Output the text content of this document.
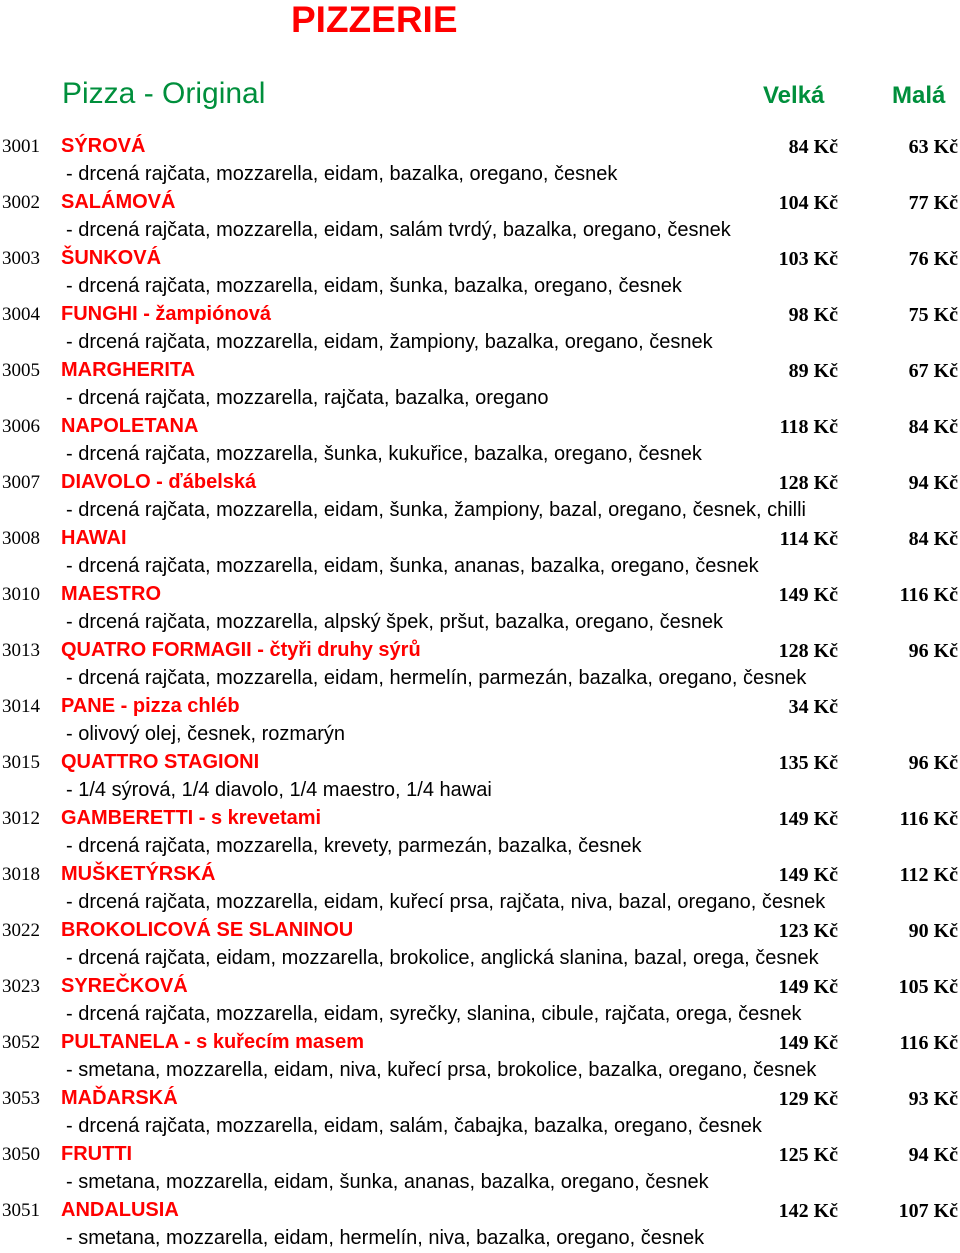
PIZZERIE
Pizza - Original	Velká	Malá
3001 SÝROVÁ	84 Kč	63 Kč
- drcená rajčata, mozzarella, eidam, bazalka, oregano, česnek
3002 SALÁMOVÁ	104 Kč	77 Kč
- drcená rajčata, mozzarella, eidam, salám tvrdý, bazalka, oregano, česnek
3003 ŠUNKOVÁ	103 Kč	76 Kč
- drcená rajčata, mozzarella, eidam, šunka, bazalka, oregano, česnek
3004 FUNGHI - žampiónová	98 Kč	75 Kč
- drcená rajčata, mozzarella, eidam, žampiony, bazalka, oregano, česnek
3005 MARGHERITA	89 Kč	67 Kč
- drcená rajčata, mozzarella, rajčata, bazalka, oregano
3006 NAPOLETANA	118 Kč	84 Kč
- drcená rajčata, mozzarella, šunka, kukuřice, bazalka, oregano, česnek
3007 DIAVOLO - ďábelská	128 Kč	94 Kč
- drcená rajčata, mozzarella, eidam, šunka, žampiony, bazal, oregano, česnek, chilli
3008 HAWAI	114 Kč	84 Kč
- drcená rajčata, mozzarella, eidam, šunka, ananas, bazalka, oregano, česnek
3010 MAESTRO	149 Kč	116 Kč
- drcená rajčata, mozzarella, alpský špek, pršut, bazalka, oregano, česnek
3013 QUATRO FORMAGII - čtyři druhy sýrů	128 Kč	96 Kč
- drcená rajčata, mozzarella, eidam, hermelín, parmezán, bazalka, oregano, česnek
3014 PANE - pizza chléb	34 Kč
- olivový olej, česnek, rozmarýn
3015 QUATTRO STAGIONI	135 Kč	96 Kč
- 1/4 sýrová, 1/4 diavolo, 1/4 maestro, 1/4 hawai
3012 GAMBERETTI - s krevetami	149 Kč	116 Kč
- drcená rajčata, mozzarella, krevety, parmezán, bazalka, česnek
3018 MUŠKETÝRSKÁ	149 Kč	112 Kč
- drcená rajčata, mozzarella, eidam, kuřecí prsa, rajčata, niva, bazal, oregano, česnek
3022 BROKOLICOVÁ SE SLANINOU	123 Kč	90 Kč
- drcená rajčata, eidam, mozzarella, brokolice, anglická slanina, bazal, orega, česnek
3023 SYREČKOVÁ	149 Kč	105 Kč
- drcená rajčata, mozzarella, eidam, syrečky, slanina, cibule, rajčata, orega, česnek
3052 PULTANELA - s kuřecím masem	149 Kč	116 Kč
- smetana, mozzarella, eidam, niva, kuřecí prsa, brokolice, bazalka, oregano, česnek
3053 MAĎARSKÁ	129 Kč	93 Kč
- drcená rajčata, mozzarella, eidam, salám, čabajka, bazalka, oregano, česnek
3050 FRUTTI	125 Kč	94 Kč
- smetana, mozzarella, eidam, šunka, ananas, bazalka, oregano, česnek
3051 ANDALUSIA	142 Kč	107 Kč
- smetana, mozzarella, eidam, hermelín, niva, bazalka, oregano, česnek
